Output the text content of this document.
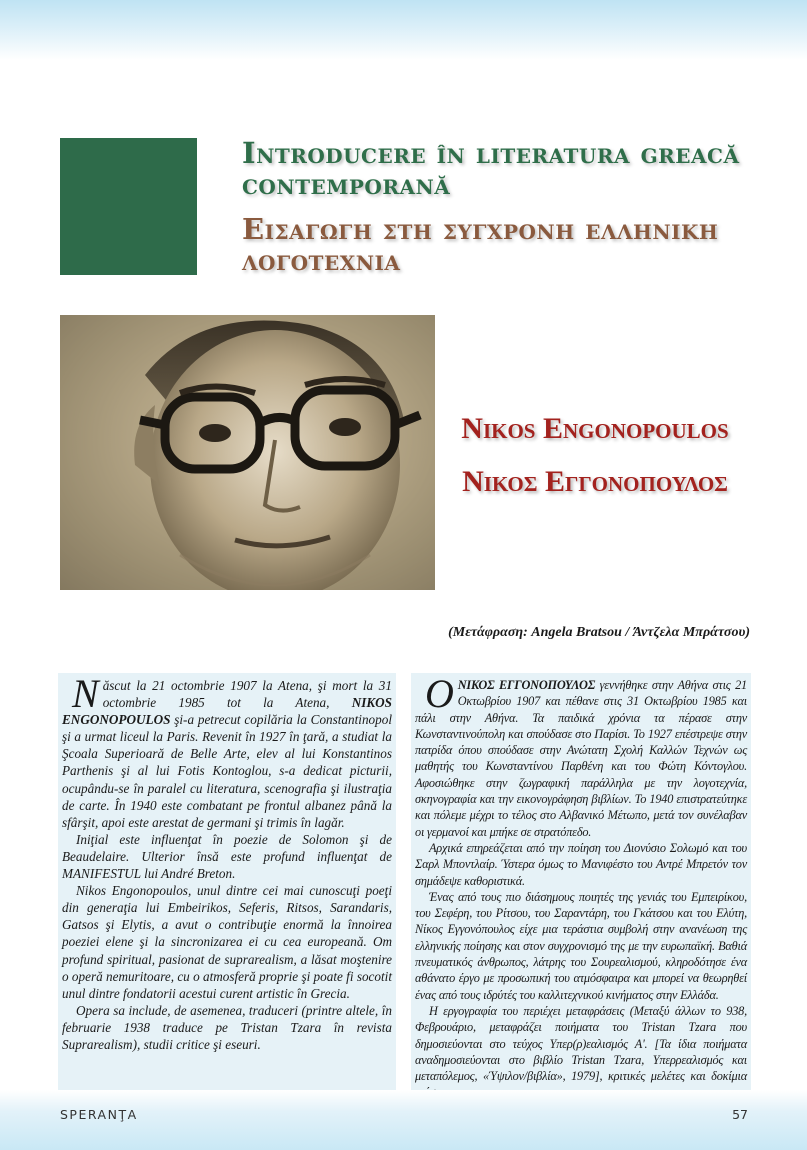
Introducere în literatura greacă contemporană
Εισαγωγη στη συγχρονη ελληνικη λογοτεχνια
Nikos Engonopoulos
Νικος Εγγονοπουλος
(Μετάφραση: Angela Bratsou / Άντζελα Μπράτσου)

Născut la 21 octombrie 1907 la Atena, şi mort la 31 octombrie 1985 tot la Atena, NIKOS ENGONOPOULOS şi-a petrecut copilăria la Constantinopol şi a urmat liceul la Paris. Revenit în 1927 în ţară, a studiat la Şcoala Superioară de Belle Arte, elev al lui Konstantinos Parthenis şi al lui Fotis Kontoglou, s-a dedicat picturii, ocupându-se în paralel cu literatura, scenografia şi ilustraţia de carte. În 1940 este combatant pe frontul albanez până la sfârşit, apoi este arestat de germani şi trimis în lagăr.

Iniţial este influenţat în poezie de Solomon şi de Beaudelaire. Ulterior însă este profund influenţat de MANIFESTUL lui André Breton.

Nikos Engonopoulos, unul dintre cei mai cunoscuţi poeţi din generaţia lui Embeirikos, Seferis, Ritsos, Sarandaris, Gatsos şi Elytis, a avut o contribuţie enormă la înnoirea poeziei elene şi la sincronizarea ei cu cea europeană. Om profund spiritual, pasionat de suprarealism, a lăsat moştenire o operă nemuritoare, cu o atmosferă proprie şi poate fi socotit unul dintre fondatorii acestui curent artistic în Grecia.

Opera sa include, de asemenea, traduceri (printre altele, în februarie 1938 traduce pe Tristan Tzara în revista Suprarealism), studii critice şi eseuri.

ΟΝΙΚΟΣ ΕΓΓΟΝΟΠΟΥΛΟΣ γεννήθηκε στην Αθήνα στις 21 Οκτωβρίου 1907 και πέθανε στις 31 Οκτωβρίου 1985 και πάλι στην Αθήνα. Τα παιδικά χρόνια τα πέρασε στην Κωνσταντινούπολη και σπούδασε στο Παρίσι. Το 1927 επέστρεψε στην πατρίδα όπου σπούδασε στην Ανώτατη Σχολή Καλλών Τεχνών ως μαθητής του Κωνσταντίνου Παρθένη και του Φώτη Κόντογλου. Αφοσιώθηκε στην ζωγραφική παράλληλα με την λογοτεχνία, σκηνογραφία και την εικονογράφηση βιβλίων. Το 1940 επιστρατεύτηκε και πόλεμε μέχρι το τέλος στο Αλβανικό Μέτωπο, μετά τον συνέλαβαν οι γερμανοί και μπήκε σε στρατόπεδο.

Αρχικά επηρεάζεται από την ποίηση του Διονύσιο Σολωμό και του Σαρλ Μποντλαίρ. Ύστερα όμως το Μανιφέστο του Αντρέ Μπρετόν τον σημάδεψε καθοριστικά.

Ένας από τους πιο διάσημους ποιητές της γενιάς του Εμπειρίκου, του Σεφέρη, του Ρίτσου, του Σαραντάρη, του Γκάτσου και του Ελύτη, Νίκος Εγγονόπουλος είχε μια τεράστια συμβολή στην ανανέωση της ελληνικής ποίησης και στον συγχρονισμό της με την ευρωπαϊκή. Βαθιά πνευματικός άνθρωπος, λάτρης του Σουρεαλισμού, κληροδότησε ένα αθάνατο έργο με προσωπική του ατμόσφαιρα και μπορεί να θεωρηθεί ένας από τους ιδρύτές του καλλιτεχνικού κινήματος στην Ελλάδα.

Η εργογραφία του περιέχει μεταφράσεις (Μεταξύ άλλων το 938, Φεβρουάριο, μεταφράζει ποιήματα του Tristan Tzara που δημοσιεύονται στο τεύχος Υπερ(ρ)εαλισμός Α'. [Τα ίδια ποιήματα αναδημοσιεύονται στο βιβλίο Tristan Tzara, Υπερρεαλισμός και μεταπόλεμος, «Ύψιλον/βιβλία», 1979], κριτικές μελέτες και δοκίμια

SPERANŢA	57
